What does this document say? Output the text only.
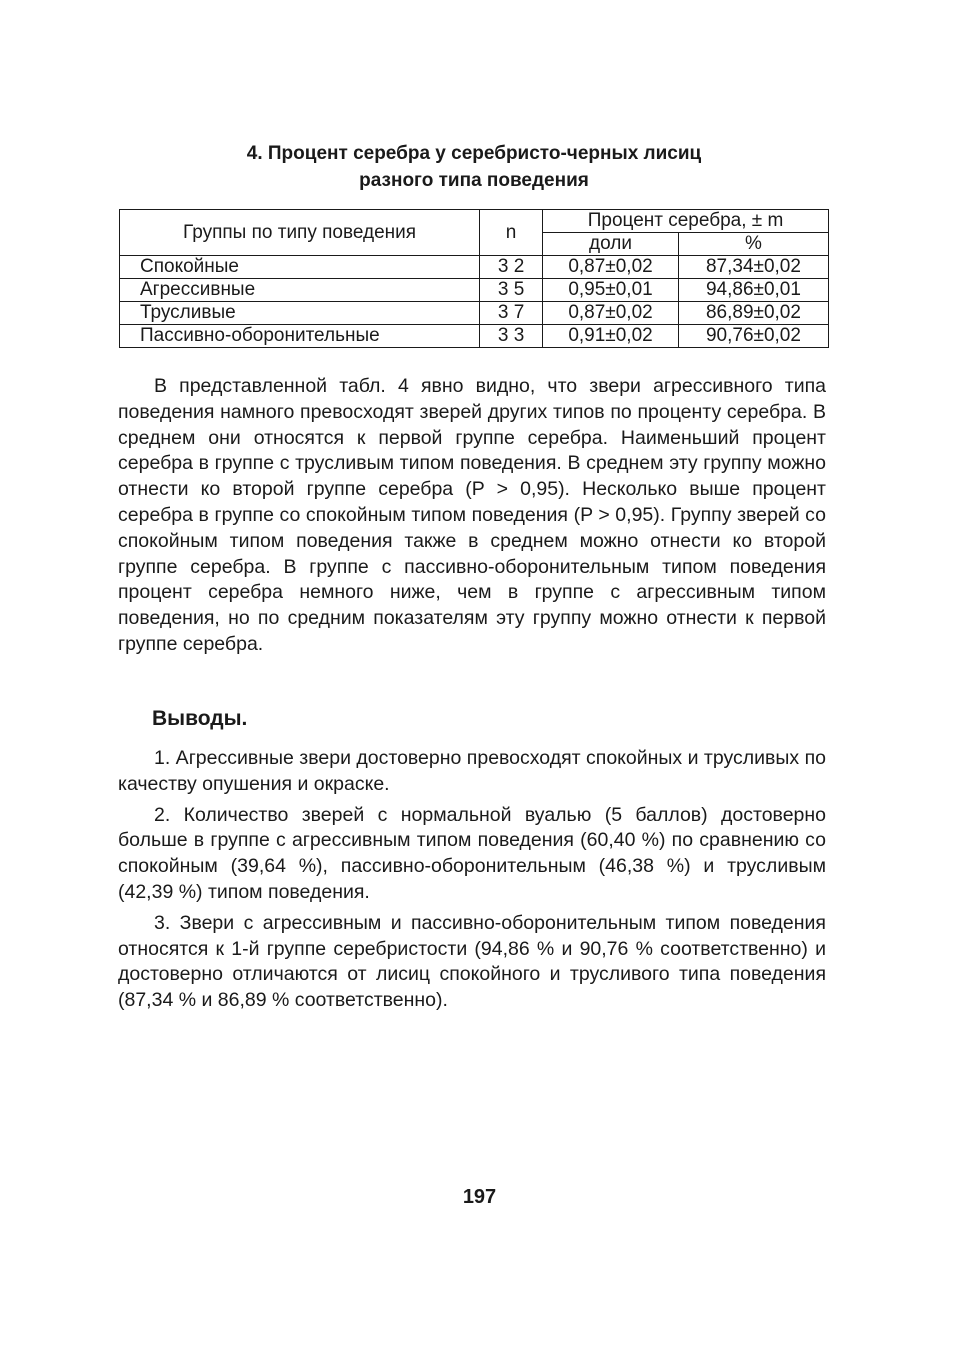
4. Процент серебра у серебристо-черных лисиц
разного типа поведения
Группы по типу поведения	n	Процент серебра, ± m	
		доли	%
Спокойные	3 2	0,87±0,02	87,34±0,02
Агрессивные	3 5	0,95±0,01	94,86±0,01
Трусливые	3 7	0,87±0,02	86,89±0,02
Пассивно-оборонительные	3 3	0,91±0,02	90,76±0,02

В представленной табл. 4 явно видно, что звери агрессивного типа поведения намного превосходят зверей других типов по проценту серебра. В среднем они относятся к первой группе серебра. Наименьший процент серебра в группе с трусливым типом поведения. В среднем эту группу можно отнести ко второй группе серебра (P > 0,95). Несколько выше процент серебра в группе со спокойным типом поведения (P > 0,95). Группу зверей со спокойным типом поведения также в среднем можно отнести ко второй группе серебра. В группе с пассивно-оборонительным типом поведения процент серебра немного ниже, чем в группе с агрессивным типом поведения, но по средним показателям эту группу можно отнести к первой группе серебра.

Выводы.

1. Агрессивные звери достоверно превосходят спокойных и трусливых по качеству опушения и окраске.

2. Количество зверей с нормальной вуалью (5 баллов) достоверно больше в группе с агрессивным типом поведения (60,40 %) по сравнению со спокойным (39,64 %), пассивно-оборонительным (46,38 %) и трусливым (42,39 %) типом поведения.

3. Звери с агрессивным и пассивно-оборонительным типом поведения относятся к 1-й группе серебристости (94,86 % и 90,76 % соответственно) и достоверно отличаются от лисиц спокойного и трусливого типа поведения (87,34 % и 86,89 % соответственно).

197
